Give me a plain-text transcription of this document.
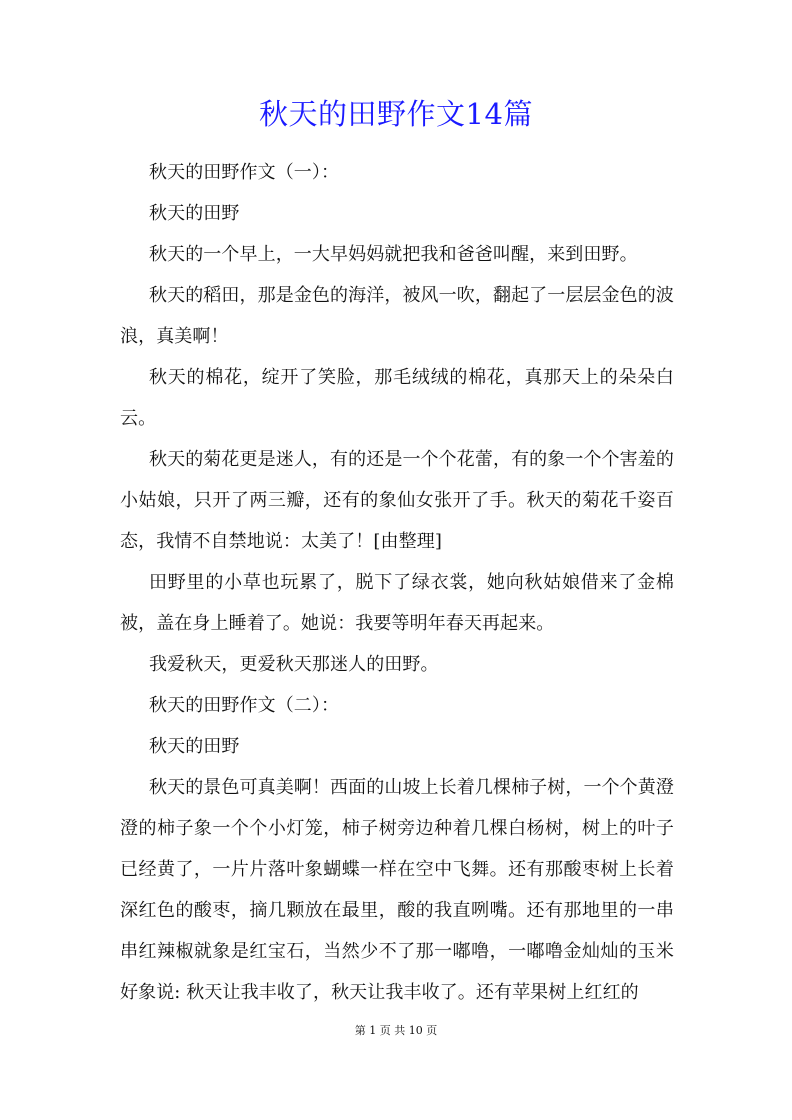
秋天的田野作文14篇

秋天的田野作文（一）：

秋天的田野

秋天的一个早上，一大早妈妈就把我和爸爸叫醒，来到田野。

秋天的稻田，那是金色的海洋，被风一吹，翻起了一层层金色的波浪，真美啊！

秋天的棉花，绽开了笑脸，那毛绒绒的棉花，真那天上的朵朵白云。

秋天的菊花更是迷人，有的还是一个个花蕾，有的象一个个害羞的小姑娘，只开了两三瓣，还有的象仙女张开了手。秋天的菊花千姿百态，我情不自禁地说：太美了！[由整理]

田野里的小草也玩累了，脱下了绿衣裳，她向秋姑娘借来了金棉被，盖在身上睡着了。她说：我要等明年春天再起来。

我爱秋天，更爱秋天那迷人的田野。

秋天的田野作文（二）：

秋天的田野

秋天的景色可真美啊！西面的山坡上长着几棵柿子树，一个个黄澄澄的柿子象一个个小灯笼，柿子树旁边种着几棵白杨树，树上的叶子已经黄了，一片片落叶象蝴蝶一样在空中飞舞。还有那酸枣树上长着深红色的酸枣，摘几颗放在最里，酸的我直咧嘴。还有那地里的一串串红辣椒就象是红宝石，当然少不了那一嘟噜，一嘟噜金灿灿的玉米好象说: 秋天让我丰收了，秋天让我丰收了。还有苹果树上红红的

第 1 页 共 10 页
